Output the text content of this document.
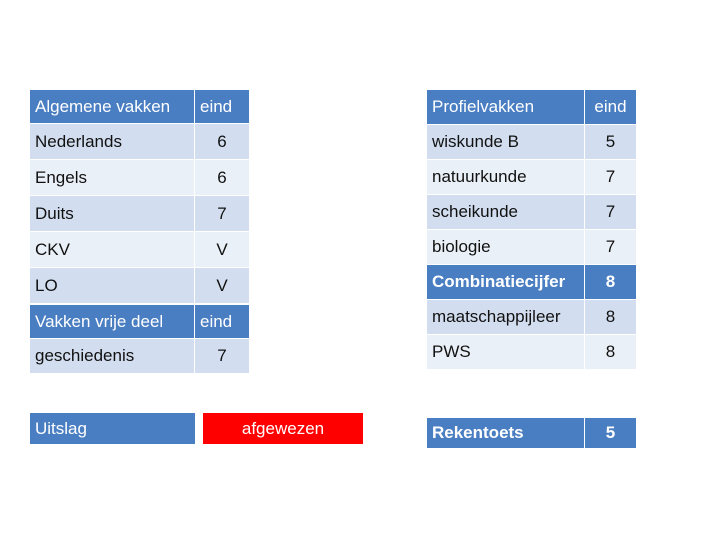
Algemene vakken	eind
Nederlands	6
Engels	6
Duits	7
CKV	V
LO	V
Vakken vrije deel	eind
geschiedenis	7
Uitslag	afgewezen
Profielvakken	eind
wiskunde B	5
natuurkunde	7
scheikunde	7
biologie	7
Combinatiecijfer	8
maatschappijleer	8
PWS	8
Rekentoets	5
